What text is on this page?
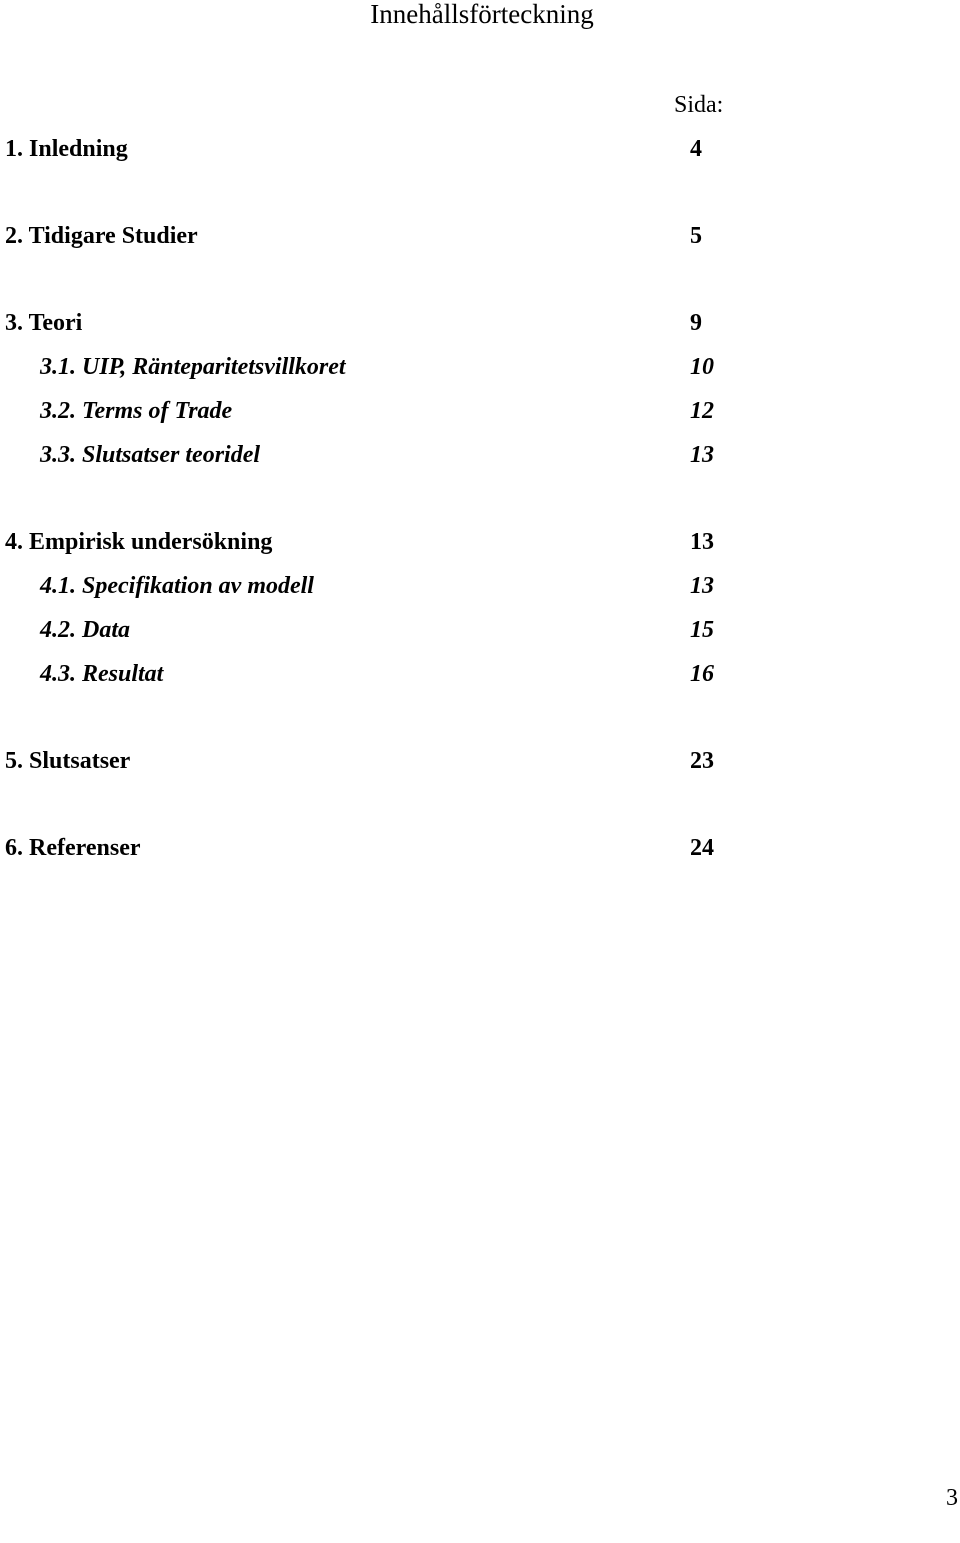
Innehållsförteckning
Sida:
1. Inledning	4
2. Tidigare Studier	5
3. Teori	9
3.1. UIP, Ränteparitetsvillkoret	10
3.2. Terms of Trade	12
3.3. Slutsatser teoridel	13
4. Empirisk undersökning	13
4.1. Specifikation av modell	13
4.2. Data	15
4.3. Resultat	16
5. Slutsatser	23
6. Referenser	24
3
